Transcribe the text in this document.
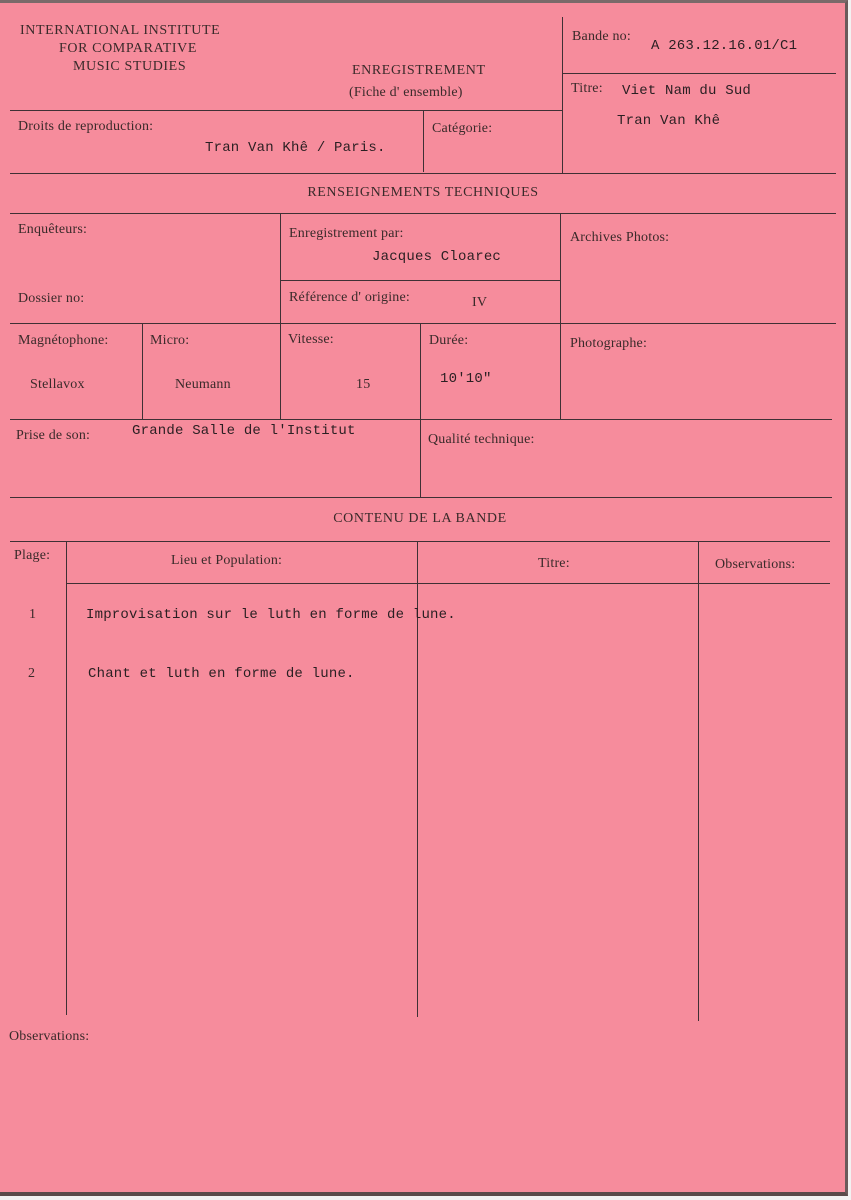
INTERNATIONAL INSTITUTE
FOR COMPARATIVE
MUSIC STUDIES	ENREGISTREMENT
(Fiche d' ensemble)
Bande no:
A 263.12.16.01/C1
Titre: Viet Nam du Sud
Tran Van Khê
Droits de reproduction:
Tran Van Khê / Paris.
Catégorie:
RENSEIGNEMENTS TECHNIQUES
Enquêteurs:	Enregistrement par:
Jacques Cloarec
Archives Photos:
Dossier no:	Référence d' origine:	IV
Magnétophone:
Stellavox
Micro:
Neumann
Vitesse:
15
Durée:
10'10"
Photographe:
Prise de son:	Grande Salle de l'Institut
Qualité technique:
CONTENU DE LA BANDE
Plage:	Lieu et Population:	Titre:	Observations:
1	Improvisation sur le luth en forme de lune.
2	Chant et luth en forme de lune.
Observations:
